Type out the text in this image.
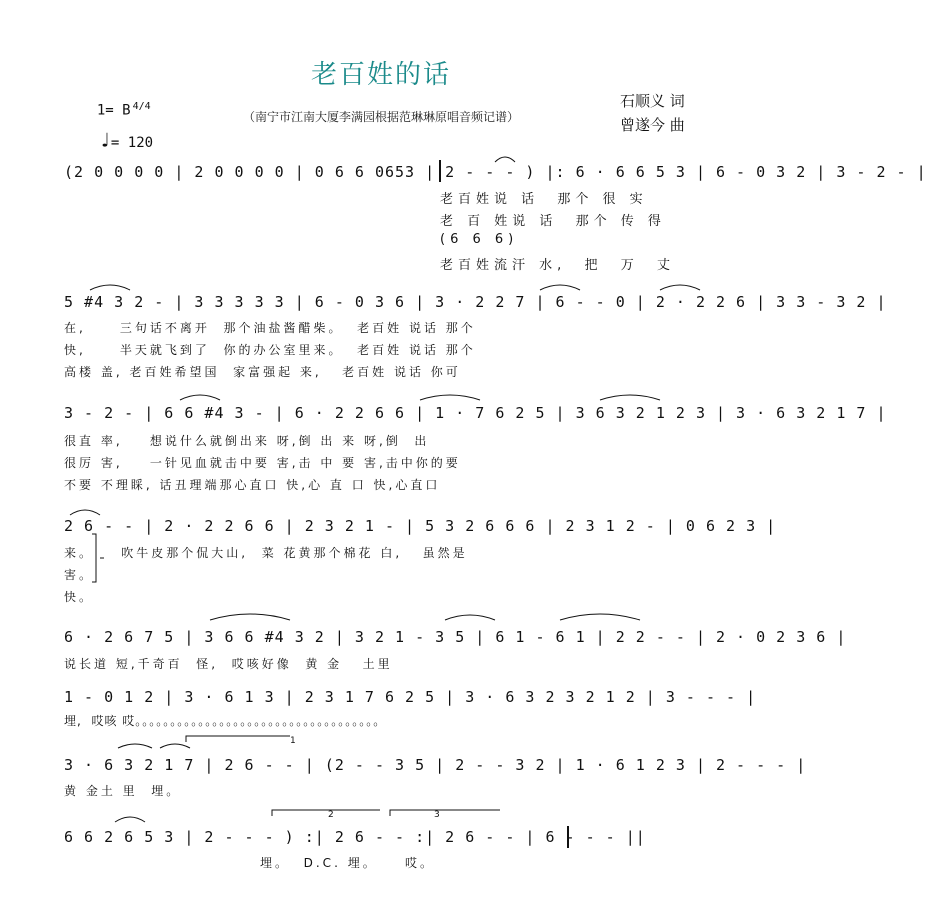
老百姓的话
（南宁市江南大厦李满园根据范琳琳原唱音频记谱）

1= B $^{4/4}$

♩= 120

石顺义 词
曾遂今 曲
(2 0 0 0 0 | 2 0 0 0 0 | 0 6 6 0653 | 2 - - - ) |: 6 · 6 6 5 3 | 6 - 0 3 2 | 3 - 2 - |
老百姓说 话  那个 很 实
老 百 姓说 话  那个 传 得
(6 6 6)
老百姓流汗 水,  把  万  丈
5 #4 3 2 - | 3 3 3 3 3 | 6 - 0 3 6 | 3 · 2 2 7 | 6 - - 0 | 2 · 2 2 6 | 3 3 - 3 2 |
在,     三句话不离开  那个油盐酱醋柴。  老百姓 说话 那个
快,     半天就飞到了  你的办公室里来。  老百姓 说话 那个
高楼 盖, 老百姓希望国  家富强起 来,   老百姓 说话 你可
3 - 2 - | 6 6 #4 3 - | 6 · 2 2 6 6 | 1 · 7 6 2 5 | 3 6 3 2 1 2 3 | 3 · 6 3 2 1 7 |
很直 率,    想说什么就倒出来 呀,倒 出 来 呀,倒  出
很厉 害,    一针见血就击中要 害,击 中 要 害,击中你的要
不要 不理睬, 话丑理端那心直口 快,心 直 口 快,心直口
2 6 - - | 2 · 2 2 6 6 | 2 3 2 1 - | 5 3 2 6 6 6 | 2 3 1 2 - | 0 6 2 3 |
来。    吹牛皮那个侃大山,  菜 花黄那个棉花 白,   虽然是
害。
快。
6 · 2 6 7 5 | 3 6 6 #4 3 2 | 3 2 1 - 3 5 | 6 1 - 6 1 | 2 2 - - | 2 · 0 2 3 6 |
说长道 短,千奇百  怪,  哎咳好像  黄 金   土里
1 - 0 1 2 | 3 · 6 1 3 | 2 3 1 7 6 2 5 | 3 · 6 3 2 3 2 1 2 | 3 - - - |
埋,  哎咳 哎。。。。。。。。。。。。。。。。。。。。。。。。。。。。。。。。。。。
1
3 · 6 3 2 1 7 | 2 6 - - | (2 - - 3 5 | 2 - - 3 2 | 1 · 6 1 2 3 | 2 - - - |
黄 金土 里  埋。
2	3
6 6 2 6 5 3 | 2 - - - ) :| 2 6 - - :| 2 6 - - | 6 - - - ||
埋。  D.C. 埋。    哎。
